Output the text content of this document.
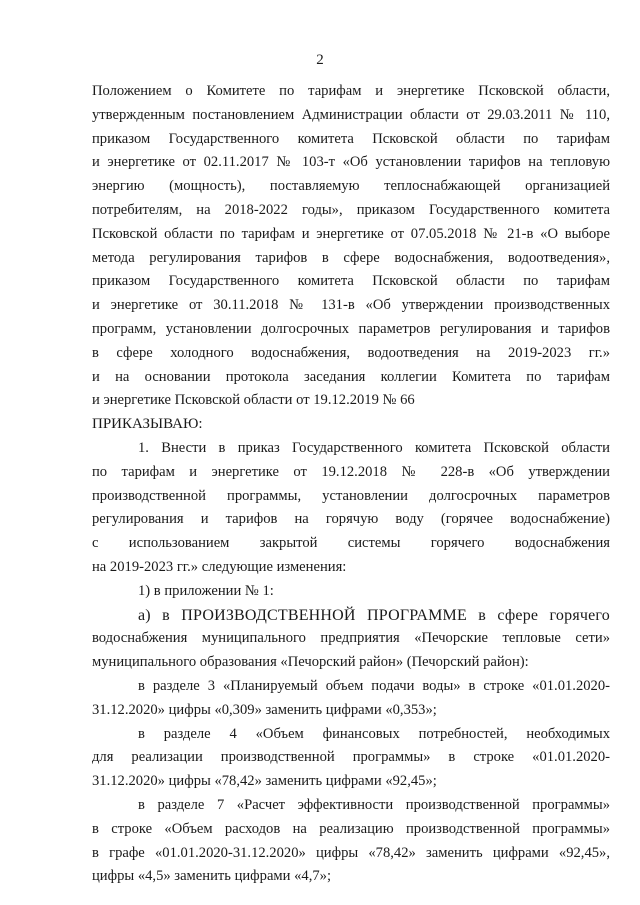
2

Положением о Комитете по тарифам и энергетике Псковской области,
утвержденным постановлением Администрации области от 29.03.2011 № 110,
приказом Государственного комитета Псковской области по тарифам
и энергетике от 02.11.2017 № 103-т «Об установлении тарифов на тепловую
энергию (мощность), поставляемую теплоснабжающей организацией
потребителям, на 2018-2022 годы», приказом Государственного комитета
Псковской области по тарифам и энергетике от 07.05.2018 № 21-в «О выборе
метода регулирования тарифов в сфере водоснабжения, водоотведения»,
приказом Государственного комитета Псковской области по тарифам
и энергетике от 30.11.2018 № 131-в «Об утверждении производственных
программ, установлении долгосрочных параметров регулирования и тарифов
в сфере холодного водоснабжения, водоотведения на 2019-2023 гг.»
и на основании протокола заседания коллегии Комитета по тарифам
и энергетике Псковской области от 19.12.2019 № 66

ПРИКАЗЫВАЮ:

1. Внести в приказ Государственного комитета Псковской области
по тарифам и энергетике от 19.12.2018 № 228-в «Об утверждении
производственной программы, установлении долгосрочных параметров
регулирования и тарифов на горячую воду (горячее водоснабжение)
с использованием закрытой системы горячего водоснабжения
на 2019-2023 гг.» следующие изменения:

1) в приложении № 1:

а) в ПРОИЗВОДСТВЕННОЙ ПРОГРАММЕ в сфере горячего
водоснабжения муниципального предприятия «Печорские тепловые сети»
муниципального образования «Печорский район» (Печорский район):

в разделе 3 «Планируемый объем подачи воды» в строке «01.01.2020-
31.12.2020» цифры «0,309» заменить цифрами «0,353»;

в разделе 4 «Объем финансовых потребностей, необходимых
для реализации производственной программы» в строке «01.01.2020-
31.12.2020» цифры «78,42» заменить цифрами «92,45»;

в разделе 7 «Расчет эффективности производственной программы»
в строке «Объем расходов на реализацию производственной программы»
в графе «01.01.2020-31.12.2020» цифры «78,42» заменить цифрами «92,45»,
цифры «4,5» заменить цифрами «4,7»;
